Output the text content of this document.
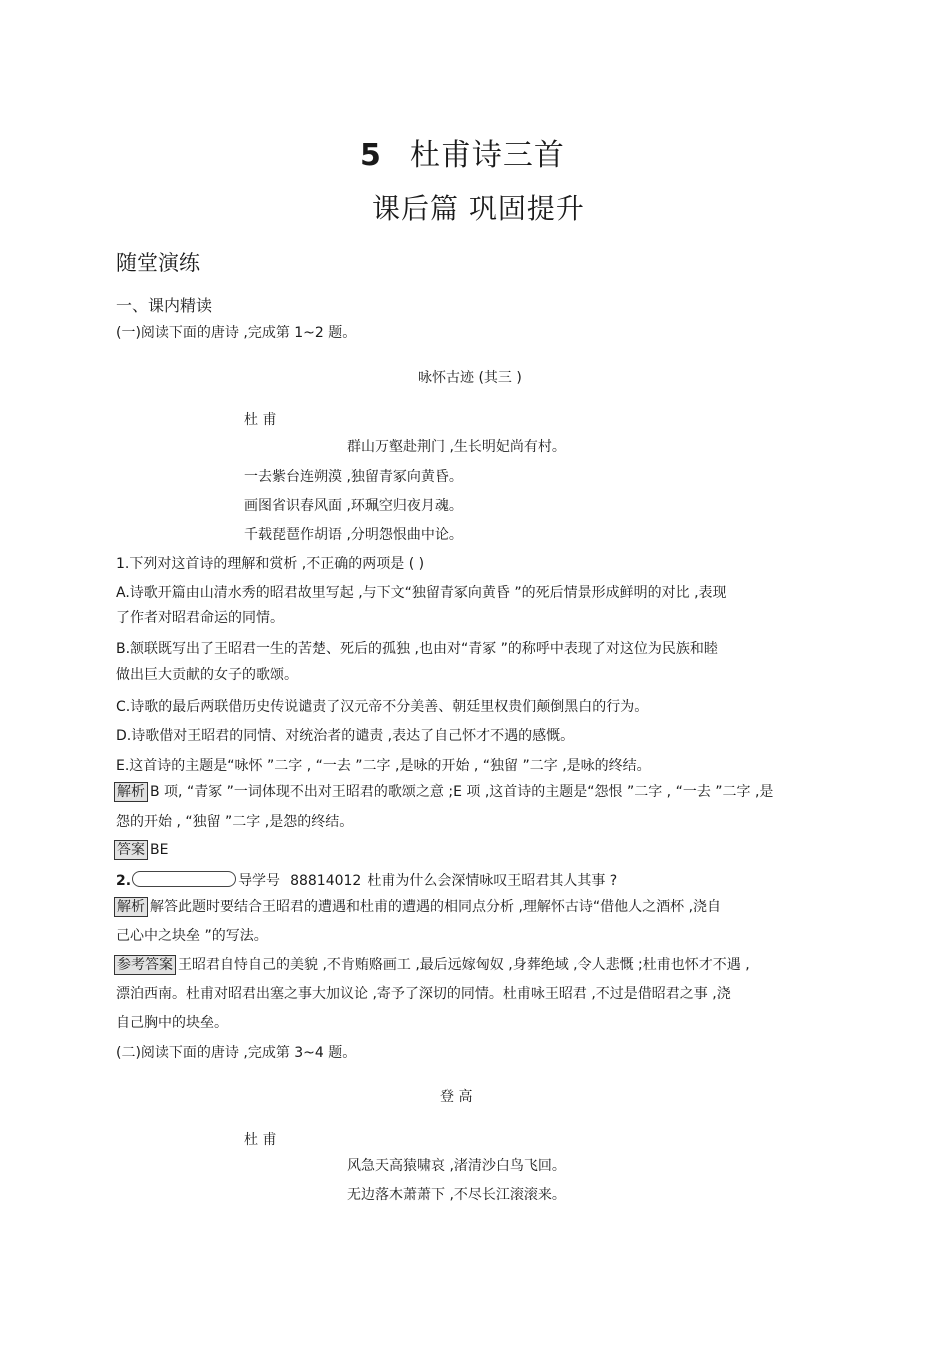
5 杜甫诗三首
课后篇 巩固提升
随堂演练
一、课内精读
(一)阅读下面的唐诗 ,完成第 1~2 题。
咏怀古迹 (其三 )
杜 甫
群山万壑赴荆门 ,生长明妃尚有村。
一去紫台连朔漠 ,独留青冢向黄昏。
画图省识春风面 ,环珮空归夜月魂。
千载琵琶作胡语 ,分明怨恨曲中论。
1.下列对这首诗的理解和赏析 ,不正确的两项是 ( )
A.诗歌开篇由山清水秀的昭君故里写起 ,与下文“独留青冢向黄昏 ”的死后情景形成鲜明的对比 ,表现
了作者对昭君命运的同情。
B.颔联既写出了王昭君一生的苦楚、死后的孤独 ,也由对“青冢 ”的称呼中表现了对这位为民族和睦
做出巨大贡献的女子的歌颂。
C.诗歌的最后两联借历史传说谴责了汉元帝不分美善、朝廷里权贵们颠倒黑白的行为。
D.诗歌借对王昭君的同情、对统治者的谴责 ,表达了自己怀才不遇的感慨。
E.这首诗的主题是“咏怀 ”二字 , “一去 ”二字 ,是咏的开始 , “独留 ”二字 ,是咏的终结。
解析 B 项, “青冢 ”一词体现不出对王昭君的歌颂之意 ;E 项 ,这首诗的主题是“怨恨 ”二字 , “一去 ”二字 ,是
怨的开始 , “独留 ”二字 ,是怨的终结。
答案 BE
2.	导学号 88814012 杜甫为什么会深情咏叹王昭君其人其事 ?
解析 解答此题时要结合王昭君的遭遇和杜甫的遭遇的相同点分析 ,理解怀古诗“借他人之酒杯 ,浇自
己心中之块垒 ”的写法。
参考答案 王昭君自恃自己的美貌 ,不肯贿赂画工 ,最后远嫁匈奴 ,身葬绝域 ,令人悲慨 ;杜甫也怀才不遇 ,
漂泊西南。杜甫对昭君出塞之事大加议论 ,寄予了深切的同情。杜甫咏王昭君 ,不过是借昭君之事 ,浇
自己胸中的块垒。
(二)阅读下面的唐诗 ,完成第 3~4 题。
登 高
杜 甫
风急天高猿啸哀 ,渚清沙白鸟飞回。
无边落木萧萧下 ,不尽长江滚滚来。
